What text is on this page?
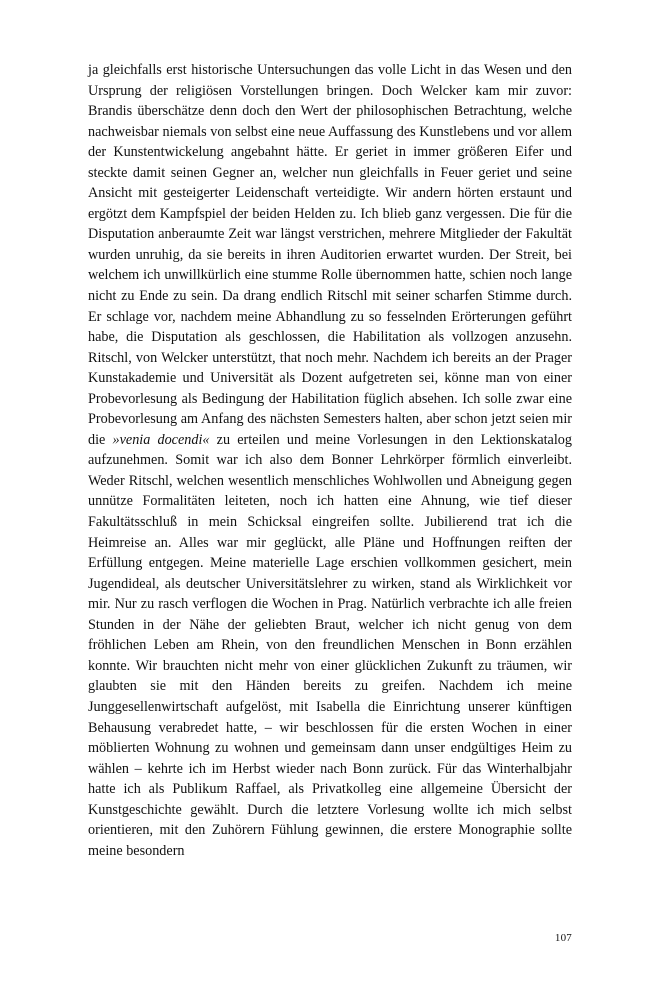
ja gleichfalls erst historische Untersuchungen das volle Licht in das Wesen und den Ursprung der religiösen Vorstellungen bringen. Doch Welcker kam mir zuvor: Brandis überschätze denn doch den Wert der philosophischen Betrachtung, welche nachweisbar niemals von selbst eine neue Auffassung des Kunstlebens und vor allem der Kunstentwickelung angebahnt hätte. Er geriet in immer größeren Eifer und steckte damit seinen Gegner an, welcher nun gleichfalls in Feuer geriet und seine Ansicht mit gesteigerter Leidenschaft verteidigte. Wir andern hörten erstaunt und ergötzt dem Kampfspiel der beiden Helden zu. Ich blieb ganz vergessen. Die für die Disputation anberaumte Zeit war längst verstrichen, mehrere Mitglieder der Fakultät wurden unruhig, da sie bereits in ihren Auditorien erwartet wurden. Der Streit, bei welchem ich unwillkürlich eine stumme Rolle übernommen hatte, schien noch lange nicht zu Ende zu sein. Da drang endlich Ritschl mit seiner scharfen Stimme durch. Er schlage vor, nachdem meine Abhandlung zu so fesselnden Erörterungen geführt habe, die Disputation als geschlossen, die Habilitation als vollzogen anzusehn. Ritschl, von Welcker unterstützt, that noch mehr. Nachdem ich bereits an der Prager Kunstakademie und Universität als Dozent aufgetreten sei, könne man von einer Probevorlesung als Bedingung der Habilitation füglich absehen. Ich solle zwar eine Probevorlesung am Anfang des nächsten Semesters halten, aber schon jetzt seien mir die »venia docendi« zu erteilen und meine Vorlesungen in den Lektionskatalog aufzunehmen. Somit war ich also dem Bonner Lehrkörper förmlich einverleibt. Weder Ritschl, welchen wesentlich menschliches Wohlwollen und Abneigung gegen unnütze Formalitäten leiteten, noch ich hatten eine Ahnung, wie tief dieser Fakultätsschluß in mein Schicksal eingreifen sollte. Jubilierend trat ich die Heimreise an. Alles war mir geglückt, alle Pläne und Hoffnungen reiften der Erfüllung entgegen. Meine materielle Lage erschien vollkommen gesichert, mein Jugendideal, als deutscher Universitätslehrer zu wirken, stand als Wirklichkeit vor mir. Nur zu rasch verflogen die Wochen in Prag. Natürlich verbrachte ich alle freien Stunden in der Nähe der geliebten Braut, welcher ich nicht genug von dem fröhlichen Leben am Rhein, von den freundlichen Menschen in Bonn erzählen konnte. Wir brauchten nicht mehr von einer glücklichen Zukunft zu träumen, wir glaubten sie mit den Händen bereits zu greifen. Nachdem ich meine Junggesellenwirtschaft aufgelöst, mit Isabella die Einrichtung unserer künftigen Behausung verabredet hatte, – wir beschlossen für die ersten Wochen in einer möblierten Wohnung zu wohnen und gemeinsam dann unser endgültiges Heim zu wählen – kehrte ich im Herbst wieder nach Bonn zurück. Für das Winterhalbjahr hatte ich als Publikum Raffael, als Privatkolleg eine allgemeine Übersicht der Kunstgeschichte gewählt. Durch die letztere Vorlesung wollte ich mich selbst orientieren, mit den Zuhörern Fühlung gewinnen, die erstere Monographie sollte meine besondern

107
